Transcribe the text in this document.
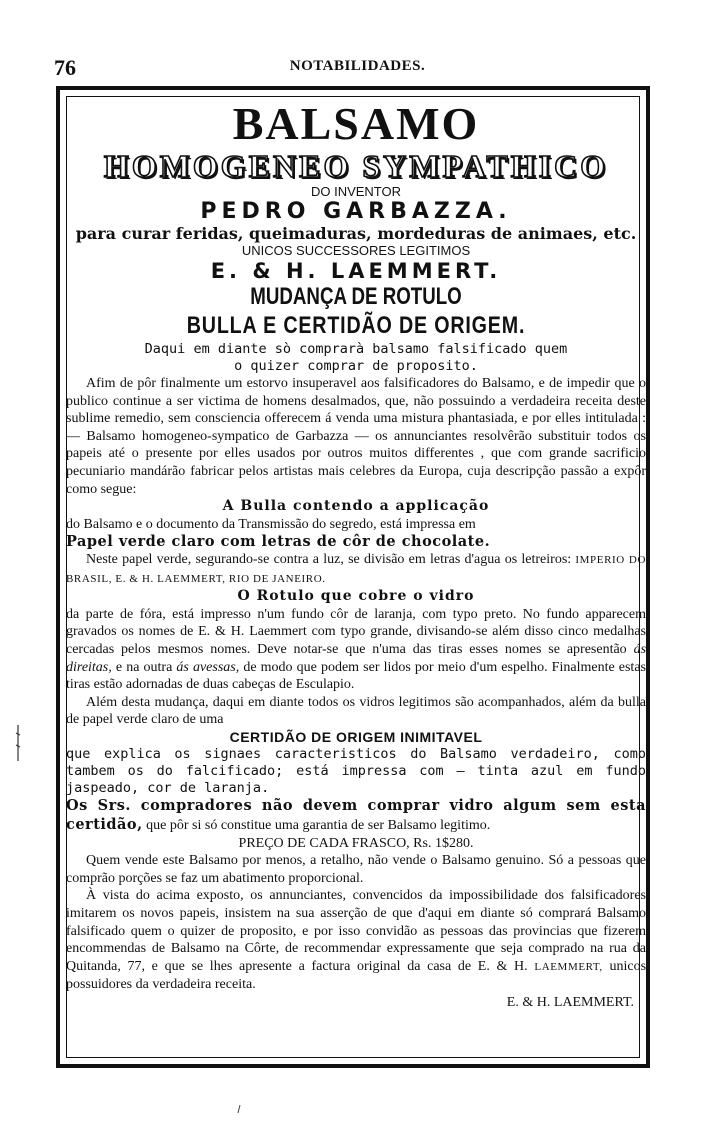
76	NOTABILIDADES.
BALSAMO
HOMOGENEO SYMPATHICO
DO INVENTOR
PEDRO GARBAZZA.
para curar feridas, queimaduras, mordeduras de animaes, etc.
UNICOS SUCCESSORES LEGITIMOS
E. & H. LAEMMERT.
MUDANÇA DE ROTULO
BULLA E CERTIDÃO DE ORIGEM.
Daqui em diante sò comprarà balsamo falsificado quem
o quizer comprar de proposito.

Afim de pôr finalmente um estorvo insuperavel aos falsificadores do Balsamo, e de impedir que o publico continue a ser victima de homens desalmados, que, não possuindo a verdadeira receita deste sublime remedio, sem consciencia offerecem á venda uma mistura phantasiada, e por elles intitulada : — Balsamo homogeneo-sympatico de Garbazza — os annunciantes resolvêrão substituir todos os papeis até o presente por elles usados por outros muitos differentes , que com grande sacrificio pecuniario mandárão fabricar pelos artistas mais celebres da Europa, cuja descripção passão a expôr como segue:

A Bulla contendo a applicação

do Balsamo e o documento da Transmissão do segredo, está impressa em

Papel verde claro com letras de côr de chocolate.

Neste papel verde, segurando-se contra a luz, se divisão em letras d'agua os letreiros: IMPERIO DO BRASIL, E. & H. LAEMMERT, RIO DE JANEIRO.

O Rotulo que cobre o vidro

da parte de fóra, está impresso n'um fundo côr de laranja, com typo preto. No fundo apparecem gravados os nomes de E. & H. Laemmert com typo grande, divisando-se além disso cinco medalhas cercadas pelos mesmos nomes. Deve notar-se que n'uma das tiras esses nomes se apresentão ás direitas, e na outra ás avessas, de modo que podem ser lidos por meio d'um espelho. Finalmente estas tiras estão adornadas de duas cabeças de Esculapio.

Além desta mudança, daqui em diante todos os vidros legitimos são acompanhados, além da bulla de papel verde claro de uma

CERTIDÃO DE ORIGEM INIMITAVEL

que explica os signaes caracteristicos do Balsamo verdadeiro, como tambem os do falcificado; está impressa com — tinta azul em fundo jaspeado, cor de laranja.

Os Srs. compradores não devem comprar vidro algum sem esta certidão, que pôr si só constitue uma garantia de ser Balsamo legitimo.

PREÇO DE CADA FRASCO, Rs. 1$280.

Quem vende este Balsamo por menos, a retalho, não vende o Balsamo genuino. Só a pessoas que comprão porções se faz um abatimento proporcional.

À vista do acima exposto, os annunciantes, convencidos da impossibilidade dos falsificadores imitarem os novos papeis, insistem na sua asserção de que d'aqui em diante só comprará Balsamo falsificado quem o quizer de proposito, e por isso convidão as pessoas das provincias que fizerem encommendas de Balsamo na Côrte, de recommendar expressamente que seja comprado na rua da Quitanda, 77, e que se lhes apresente a factura original da casa de E. & H. LAEMMERT, unicos possuidores da verdadeira receita.

E. & H. LAEMMERT.
